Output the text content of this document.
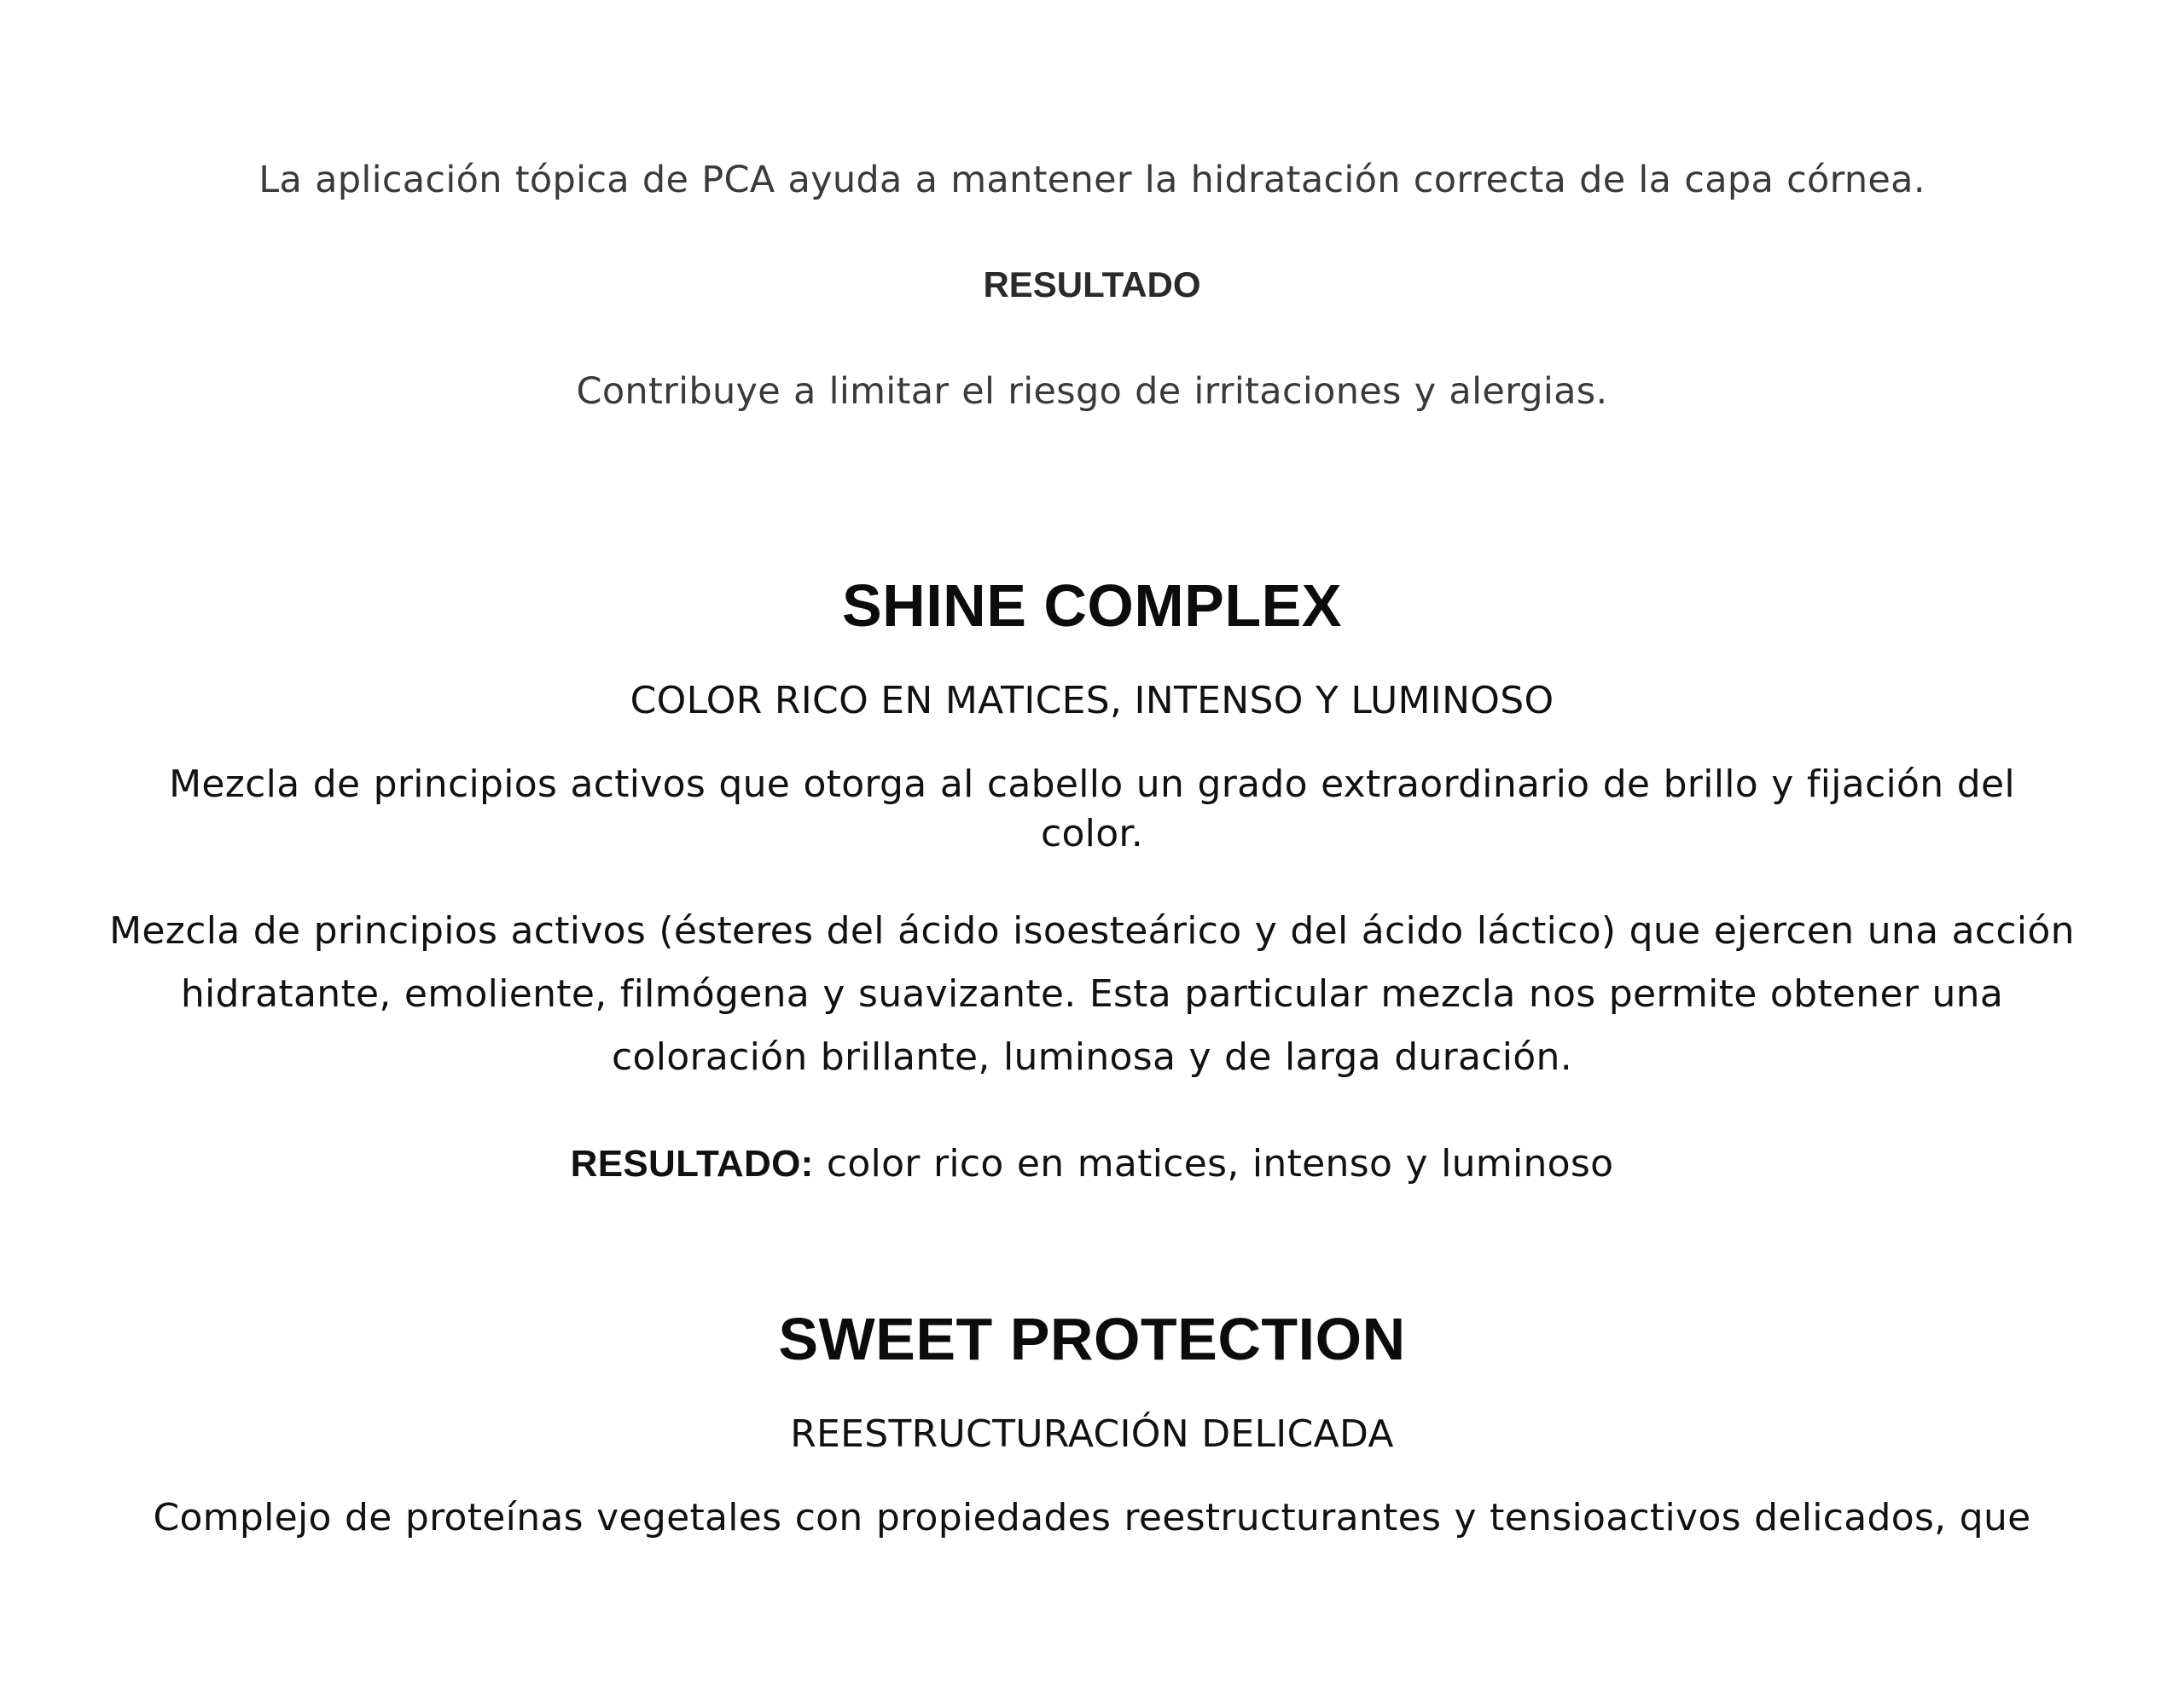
La aplicación tópica de PCA ayuda a mantener la hidratación correcta de la capa córnea.

RESULTADO

Contribuye a limitar el riesgo de irritaciones y alergias.

SHINE COMPLEX

COLOR RICO EN MATICES, INTENSO Y LUMINOSO

Mezcla de principios activos que otorga al cabello un grado extraordinario de brillo y fijación del

color.

Mezcla de principios activos (ésteres del ácido isoesteárico y del ácido láctico) que ejercen una acción

hidratante, emoliente, filmógena y suavizante. Esta particular mezcla nos permite obtener una

coloración brillante, luminosa y de larga duración.

RESULTADO: color rico en matices, intenso y luminoso

SWEET PROTECTION

REESTRUCTURACIÓN DELICADA

Complejo de proteínas vegetales con propiedades reestructurantes y tensioactivos delicados, que
